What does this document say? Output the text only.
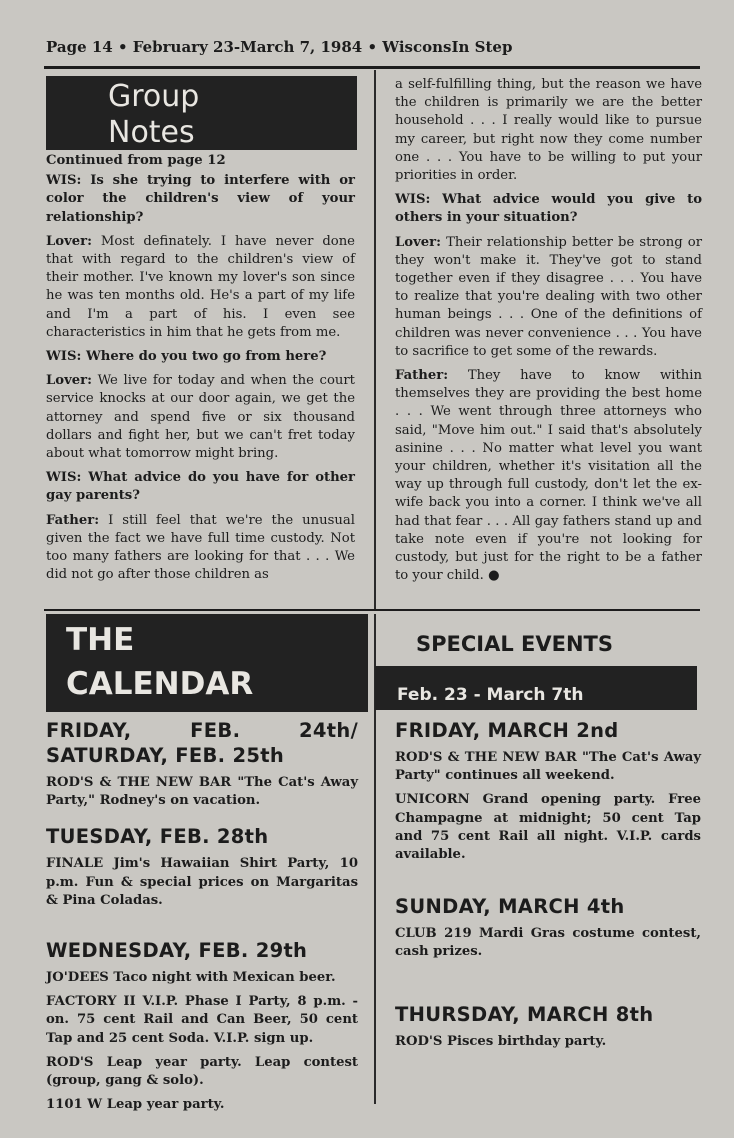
Page 14 • February 23-March 7, 1984 • WisconsIn Step
Group
Notes

Continued from page 12

WIS: Is she trying to interfere with or color the children's view of your relationship?

Lover: Most definately. I have never done that with regard to the children's view of their mother. I've known my lover's son since he was ten months old. He's a part of my life and I'm a part of his. I even see characteristics in him that he gets from me.

WIS: Where do you two go from here?

Lover: We live for today and when the court service knocks at our door again, we get the attorney and spend five or six thousand dollars and fight her, but we can't fret today about what tomorrow might bring.

WIS: What advice do you have for other gay parents?

Father: I still feel that we're the unusual given the fact we have full time custody. Not too many fathers are looking for that . . . We did not go after those children as

a self-fulfilling thing, but the reason we have the children is primarily we are the better household . . . I really would like to pursue my career, but right now they come number one . . . You have to be willing to put your priorities in order.

WIS: What advice would you give to others in your situation?

Lover: Their relationship better be strong or they won't make it. They've got to stand together even if they disagree . . . You have to realize that you're dealing with two other human beings . . . One of the definitions of children was never convenience . . . You have to sacrifice to get some of the rewards.

Father: They have to know within themselves they are providing the best home . . . We went through three attorneys who said, "Move him out." I said that's absolutely asinine . . . No matter what level you want your children, whether it's visitation all the way up through full custody, don't let the ex-wife back you into a corner. I think we've all had that fear . . . All gay fathers stand up and take note even if you're not looking for custody, but just for the right to be a father to your child. ●

THE
CALENDAR
SPECIAL EVENTS
Feb. 23 - March 7th
FRIDAY, FEB. 24th/ SATURDAY, FEB. 25th

ROD'S & THE NEW BAR "The Cat's Away Party," Rodney's on vacation.

TUESDAY, FEB. 28th

FINALE Jim's Hawaiian Shirt Party, 10 p.m. Fun & special prices on Margaritas & Pina Coladas.

WEDNESDAY, FEB. 29th

JO'DEES Taco night with Mexican beer.

FACTORY II V.I.P. Phase I Party, 8 p.m. - on. 75 cent Rail and Can Beer, 50 cent Tap and 25 cent Soda. V.I.P. sign up.

ROD'S Leap year party. Leap contest (group, gang & solo).

1101 W Leap year party.

FRIDAY, MARCH 2nd

ROD'S & THE NEW BAR "The Cat's Away Party" continues all weekend.

UNICORN Grand opening party. Free Champagne at midnight; 50 cent Tap and 75 cent Rail all night. V.I.P. cards available.

SUNDAY, MARCH 4th

CLUB 219 Mardi Gras costume contest, cash prizes.

THURSDAY, MARCH 8th

ROD'S Pisces birthday party.
